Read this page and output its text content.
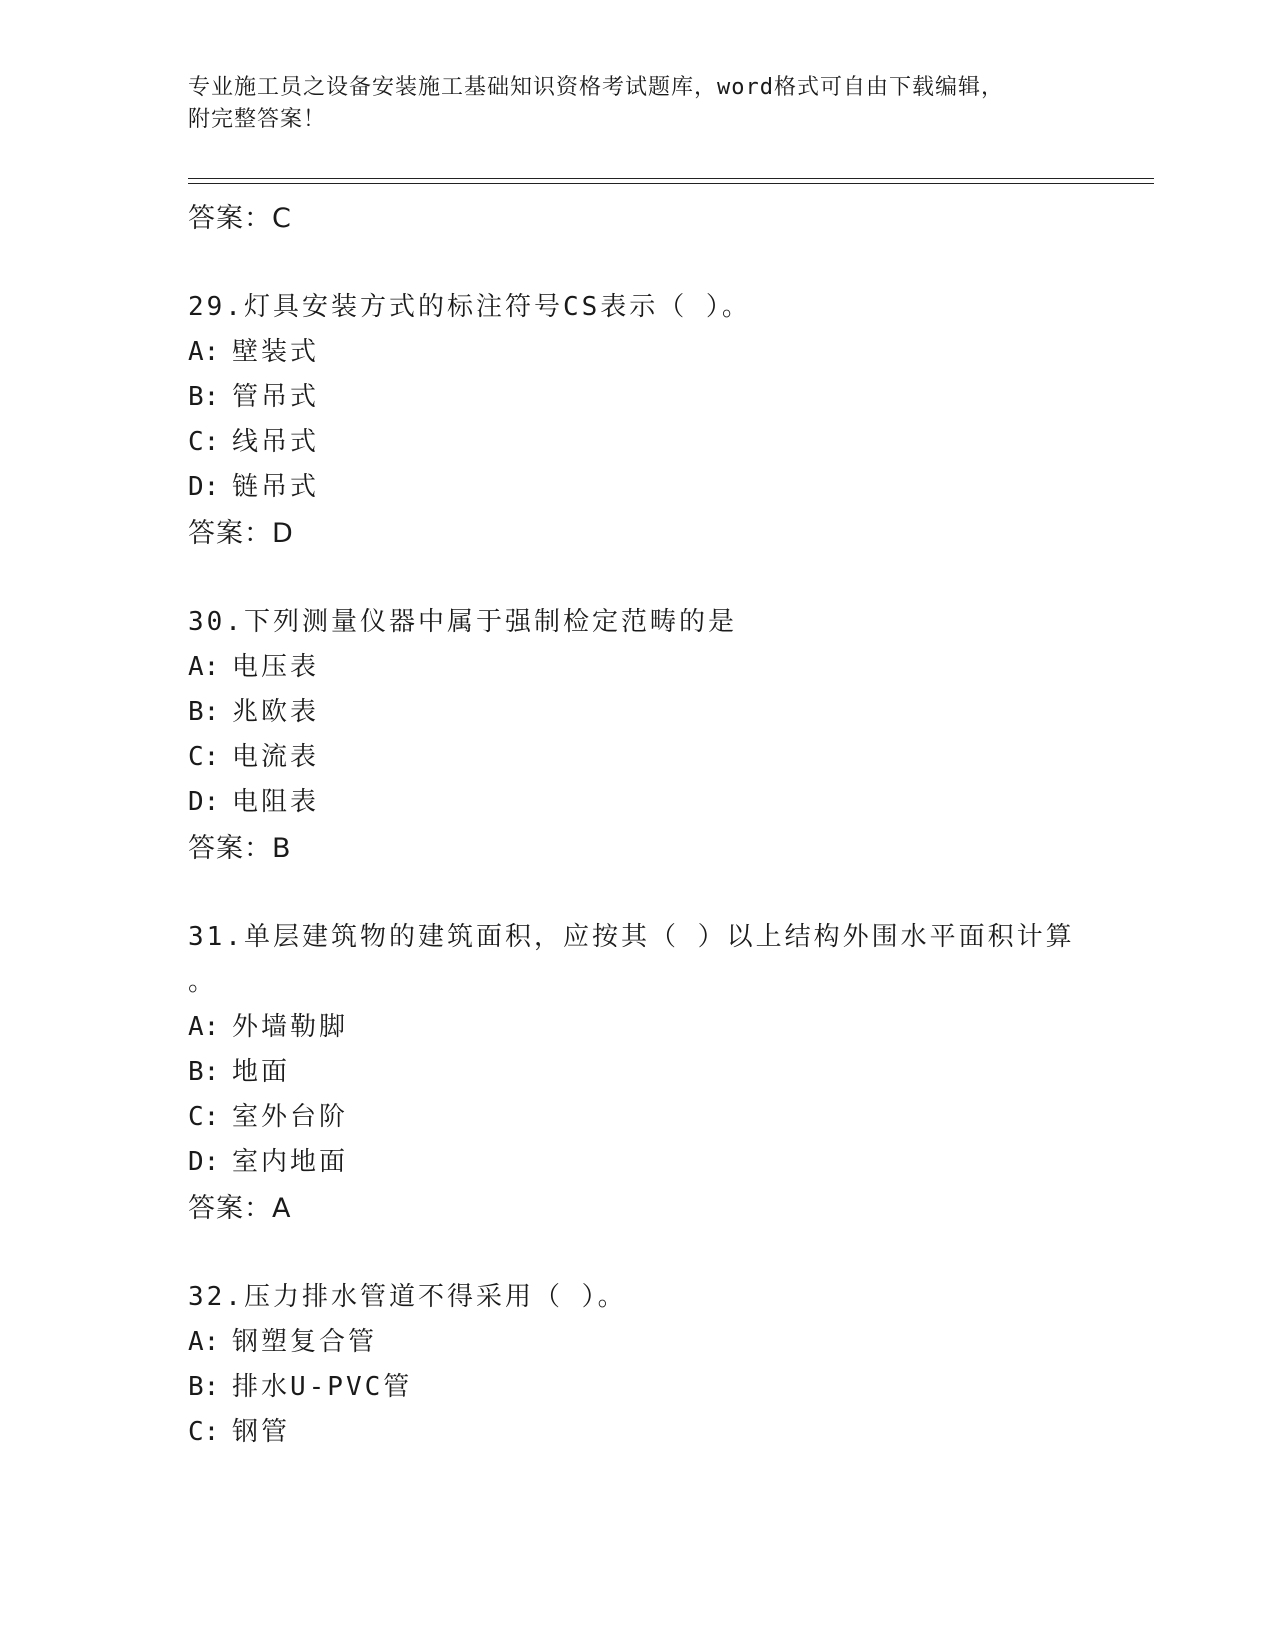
专业施工员之设备安装施工基础知识资格考试题库，word格式可自由下载编辑，
附完整答案！
答案：C
29.灯具安装方式的标注符号CS表示（ ）。
A: 壁装式
B: 管吊式
C: 线吊式
D: 链吊式
答案：D
30.下列测量仪器中属于强制检定范畴的是
A: 电压表
B: 兆欧表
C: 电流表
D: 电阻表
答案：B
31.单层建筑物的建筑面积，应按其（ ）以上结构外围水平面积计算
。
A: 外墙勒脚
B: 地面
C: 室外台阶
D: 室内地面
答案：A
32.压力排水管道不得采用（ ）。
A: 钢塑复合管
B: 排水U-PVC管
C: 钢管
